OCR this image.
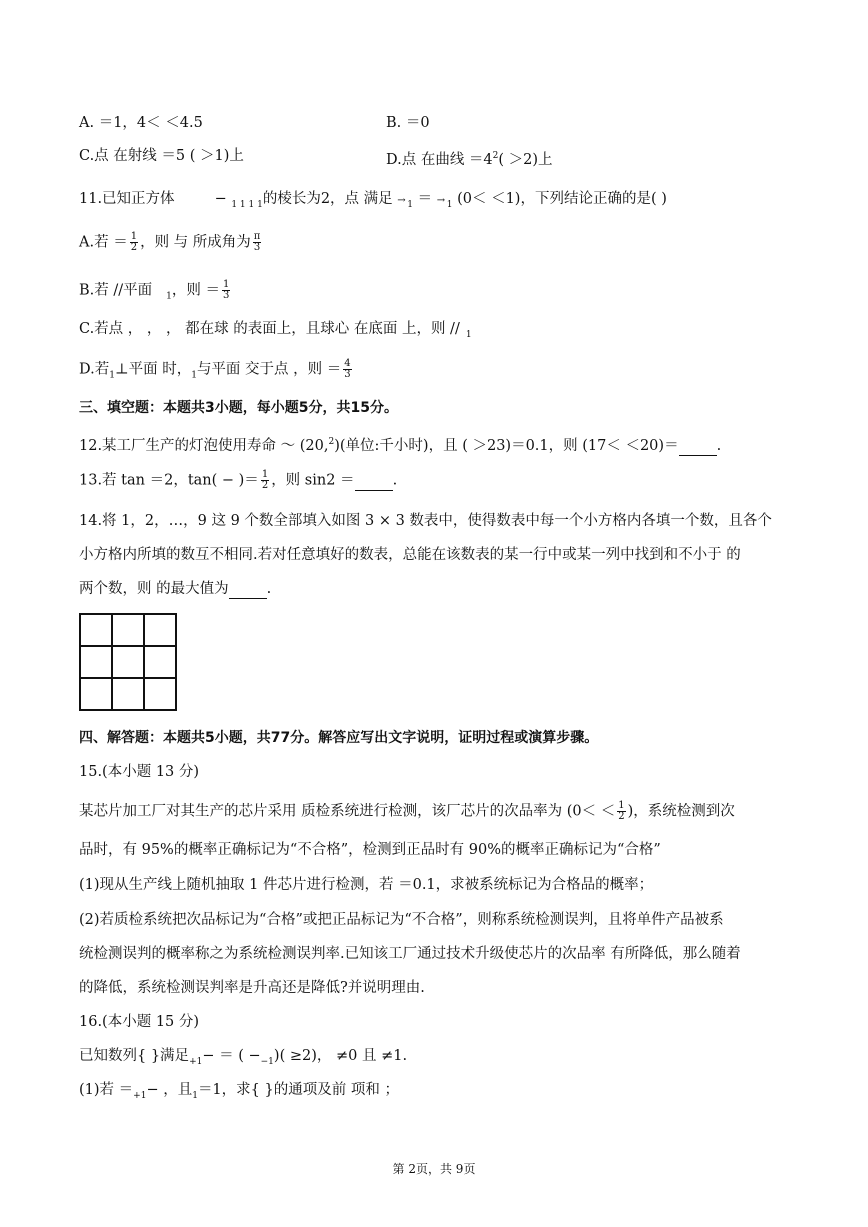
A. ＝1，4＜ ＜4.5	B. ＝0
C.点 在射线 ＝5 ( ＞1)上	D.点 在曲线 $=4^2( >2)$上
11.已知正方体	− $_{1 1 1 1}$的棱长为2，点 满足 $_1$ ＝ $_1$ (0＜ ＜1)，下列结论正确的是( )
A.若 ＝ $\frac{1}{2}$ ，则 与 所成角为 $\frac{\pi}{3}$
B.若 //平面 $_1$，则 ＝ $\frac{1}{3}$
C.若点 ， ， ， 都在球 的表面上，且球心 在底面 上，则 // $_1$
D.若$_1$⊥平面 时，$_1$与平面 交于点 ，则 ＝ $\frac{4}{3}$
三、填空题：本题共3小题，每小题5分，共15分。
12.某工厂生产的灯泡使用寿命 ～ (20,$^2$)(单位:千小时)，且 ( ＞23)＝0.1，则 (17＜ ＜20)＝	.
13.若 tan ＝2，tan( − )＝ $\frac{1}{2}$ ，则 sin2 ＝	.
14.将 1，2，…，9 这 9 个数全部填入如图 3 × 3 数表中，使得数表中每一个小方格内各填一个数，且各个
小方格内所填的数互不相同.若对任意填好的数表，总能在该数表的某一行中或某一列中找到和不小于 的
两个数，则 的最大值为	.
四、解答题：本题共5小题，共77分。解答应写出文字说明，证明过程或演算步骤。
15.(本小题 13 分)
某芯片加工厂对其生产的芯片采用 质检系统进行检测，该厂芯片的次品率为 ($0< < \frac{1}{2}$ )，系统检测到次
品时，有 95%的概率正确标记为“不合格”，检测到正品时有 90%的概率正确标记为“合格”
(1)现从生产线上随机抽取 1 件芯片进行检测，若 ＝0.1，求被系统标记为合格品的概率；
(2)若质检系统把次品标记为“合格”或把正品标记为“不合格”，则称系统检测误判，且将单件产品被系
统检测误判的概率称之为系统检测误判率.已知该工厂通过技术升级使芯片的次品率 有所降低，那么随着
的降低，系统检测误判率是升高还是降低?并说明理由.
16.(本小题 15 分)
已知数列{ }满足$_{+1}$− ＝ ( $-_{-1})( \ge 2)$， ≠0 且 ≠1.
(1)若 $=_{+1}-$ ，且$_1$＝1，求{ }的通项及前 项和 ；
第 2页，共 9页
